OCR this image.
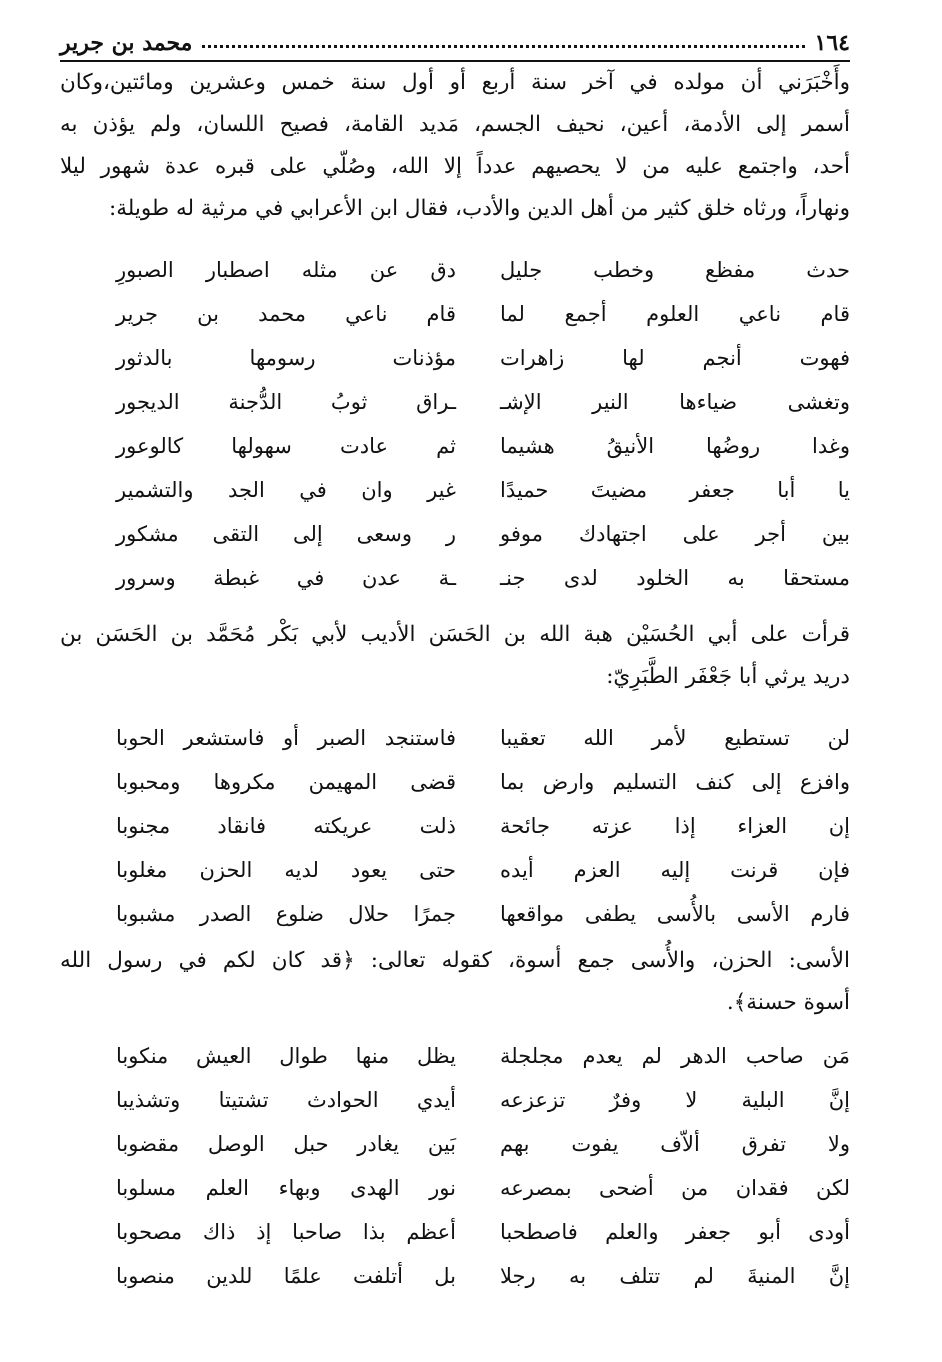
١٦٤
محمد بن جرير
وأَخْبَرَني أن مولده في آخر سنة أربع أو أول سنة خمس وعشرين ومائتين،وكان
أسمر إلى الأدمة، أعين، نحيف الجسم، مَديد القامة، فصيح اللسان، ولم يؤذن به
أحد، واجتمع عليه من لا يحصيهم عدداً إلا الله، وصُلّي على قبره عدة شهور ليلا
ونهاراً، ورثاه خلق كثير من أهل الدين والأدب، فقال ابن الأعرابي في مرثية له طويلة:
حدث مفظع وخطب جليل
دق عن مثله اصطبار الصبورِ
قام ناعي العلوم أجمع لما
قام ناعي محمد بن جرير
فهوت أنجم لها زاهرات
مؤذنات رسومها بالدثور
وتغشى ضياءها النير الإشـ
ـراق ثوبُ الدُّجنة الديجور
وغدا روضُها الأنيقُ هشيما
ثم عادت سهولها كالوعور
يا أبا جعفر مضيتَ حميدًا
غير وان في الجد والتشمير
بين أجر على اجتهادك موفو
ر وسعى إلى التقى مشكور
مستحقا به الخلود لدى جنـ
ـة عدن في غبطة وسرور
قرأت على أبي الحُسَيْن هبة الله بن الحَسَن الأديب لأبي بَكْر مُحَمَّد بن الحَسَن بن
دريد يرثي أبا جَعْفَر الطَّبَرِيّ:
لن تستطيع لأمر الله تعقيبا
فاستنجد الصبر أو فاستشعر الحوبا
وافزع إلى كنف التسليم وارض بما
قضى المهيمن مكروها ومحبوبا
إن العزاء إذا عزته جائحة
ذلت عريكته فانقاد مجنوبا
فإن قرنت إليه العزم أيده
حتى يعود لديه الحزن مغلوبا
فارم الأسى بالأُسى يطفى مواقعها
جمرًا حلال ضلوع الصدر مشبوبا
الأسى: الحزن، والأُسى جمع أسوة، كقوله تعالى: ﴿قد كان لكم في رسول الله
أسوة حسنة﴾.
مَن صاحب الدهر لم يعدم مجلجلة
يظل منها طوال العيش منكوبا
إنَّ البلية لا وفرٌ تزعزعه
أيدي الحوادث تشتيتا وتشذيبا
ولا تفرق ألاّف يفوت بهم
بَين يغادر حبل الوصل مقضوبا
لكن فقدان من أضحى بمصرعه
نور الهدى وبهاء العلم مسلوبا
أودى أبو جعفر والعلم فاصطحبا
أعظم بذا صاحبا إذ ذاك مصحوبا
إنَّ المنيةَ لم تتلف به رجلا
بل أتلفت علمًا للدين منصوبا
